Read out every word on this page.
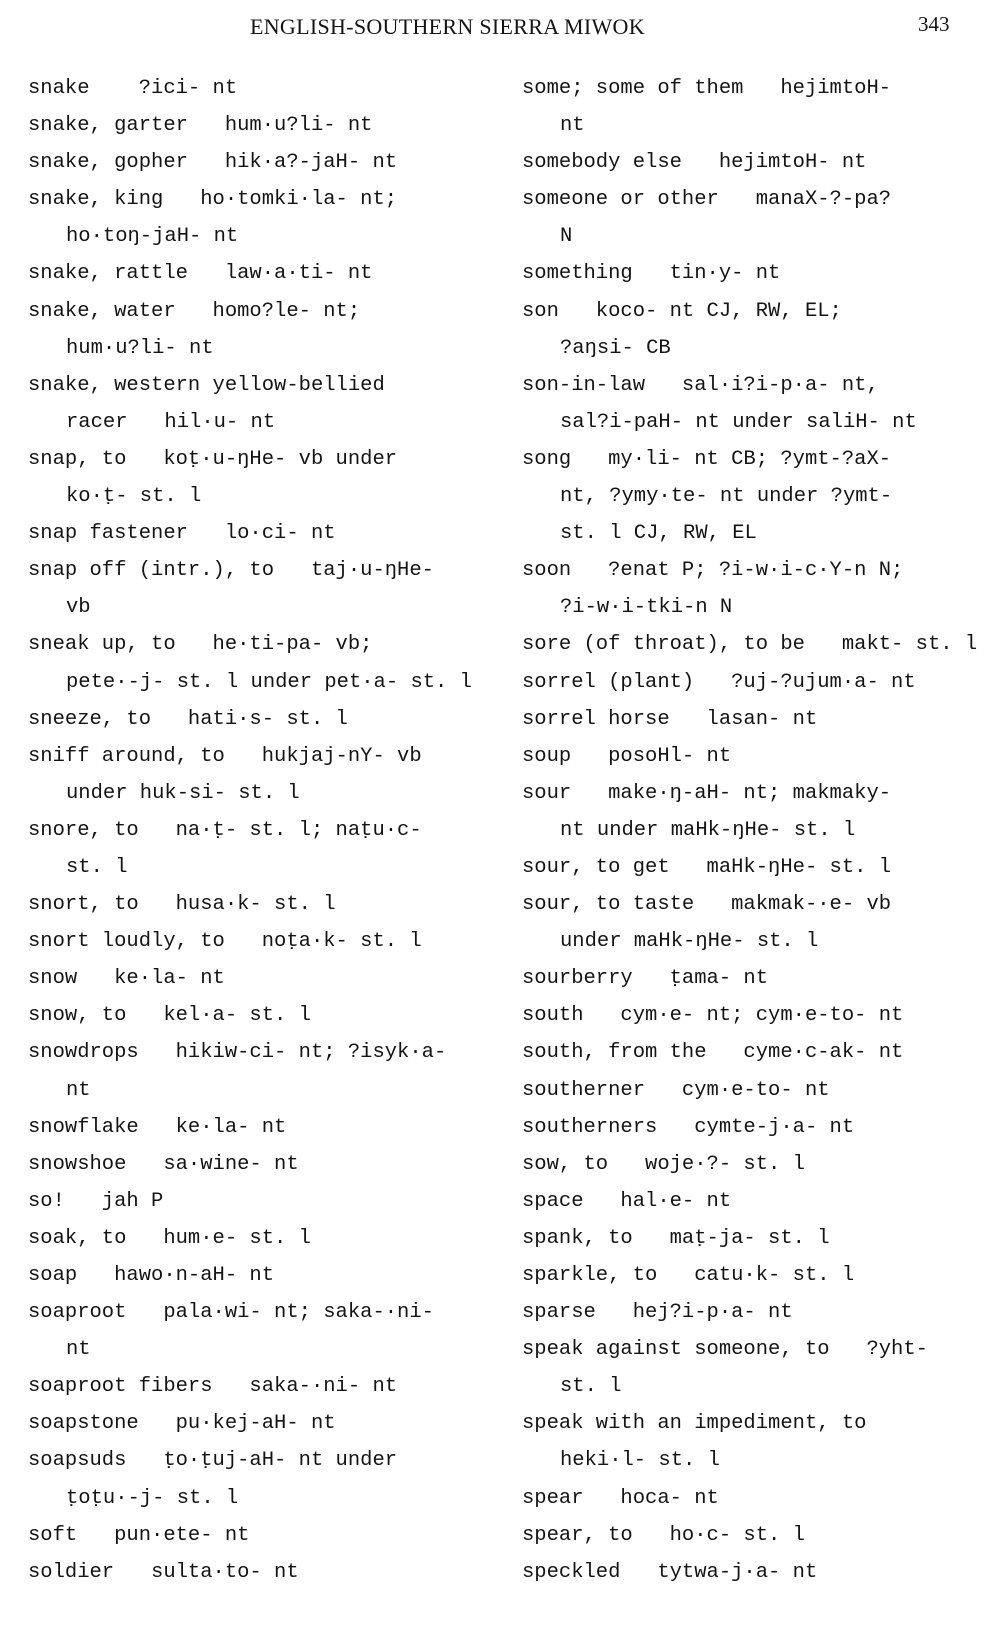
ENGLISH-SOUTHERN SIERRA MIWOK	343
snake    ?ici- nt
snake, garter   hum·u?li- nt
snake, gopher   hik·a?-jaH- nt
snake, king   ho·tomki·la- nt;
ho·toŋ-jaH- nt
snake, rattle   law·a·ti- nt
snake, water   homo?le- nt;
hum·u?li- nt
snake, western yellow-bellied
racer   hil·u- nt
snap, to   koṭ·u-ŋHe- vb under
ko·ṭ- st. l
snap fastener   lo·ci- nt
snap off (intr.), to   taj·u-ŋHe-
vb
sneak up, to   he·ti-pa- vb;
pete·-j- st. l under pet·a- st. l
sneeze, to   hati·s- st. l
sniff around, to   hukjaj-nY- vb
under huk-si- st. l
snore, to   na·ṭ- st. l; naṭu·c-
st. l
snort, to   husa·k- st. l
snort loudly, to   noṭa·k- st. l
snow   ke·la- nt
snow, to   kel·a- st. l
snowdrops   hikiw-ci- nt; ?isyk·a-
nt
snowflake   ke·la- nt
snowshoe   sa·wine- nt
so!   jah P
soak, to   hum·e- st. l
soap   hawo·n-aH- nt
soaproot   pala·wi- nt; saka-·ni-
nt
soaproot fibers   saka-·ni- nt
soapstone   pu·kej-aH- nt
soapsuds   ṭo·ṭuj-aH- nt under
ṭoṭu·-j- st. l
soft   pun·ete- nt
soldier   sulta·to- nt
some; some of them   hejimtoH-
nt
somebody else   hejimtoH- nt
someone or other   manaX-?-pa?
N
something   tin·y- nt
son   koco- nt CJ, RW, EL;
?aŋsi- CB
son-in-law   sal·i?i-p·a- nt,
sal?i-paH- nt under saliH- nt
song   my·li- nt CB; ?ymt-?aX-
nt, ?ymy·te- nt under ?ymt-
st. l CJ, RW, EL
soon   ?enat P; ?i-w·i-c·Y-n N;
?i-w·i-tki-n N
sore (of throat), to be   makt- st. l
sorrel (plant)   ?uj-?ujum·a- nt
sorrel horse   lasan- nt
soup   posoHl- nt
sour   make·ŋ-aH- nt; makmaky-
nt under maHk-ŋHe- st. l
sour, to get   maHk-ŋHe- st. l
sour, to taste   makmak-·e- vb
under maHk-ŋHe- st. l
sourberry   ṭama- nt
south   cym·e- nt; cym·e-to- nt
south, from the   cyme·c-ak- nt
southerner   cym·e-to- nt
southerners   cymte-j·a- nt
sow, to   woje·?- st. l
space   hal·e- nt
spank, to   maṭ-ja- st. l
sparkle, to   catu·k- st. l
sparse   hej?i-p·a- nt
speak against someone, to   ?yht-
st. l
speak with an impediment, to
heki·l- st. l
spear   hoca- nt
spear, to   ho·c- st. l
speckled   tytwa-j·a- nt
